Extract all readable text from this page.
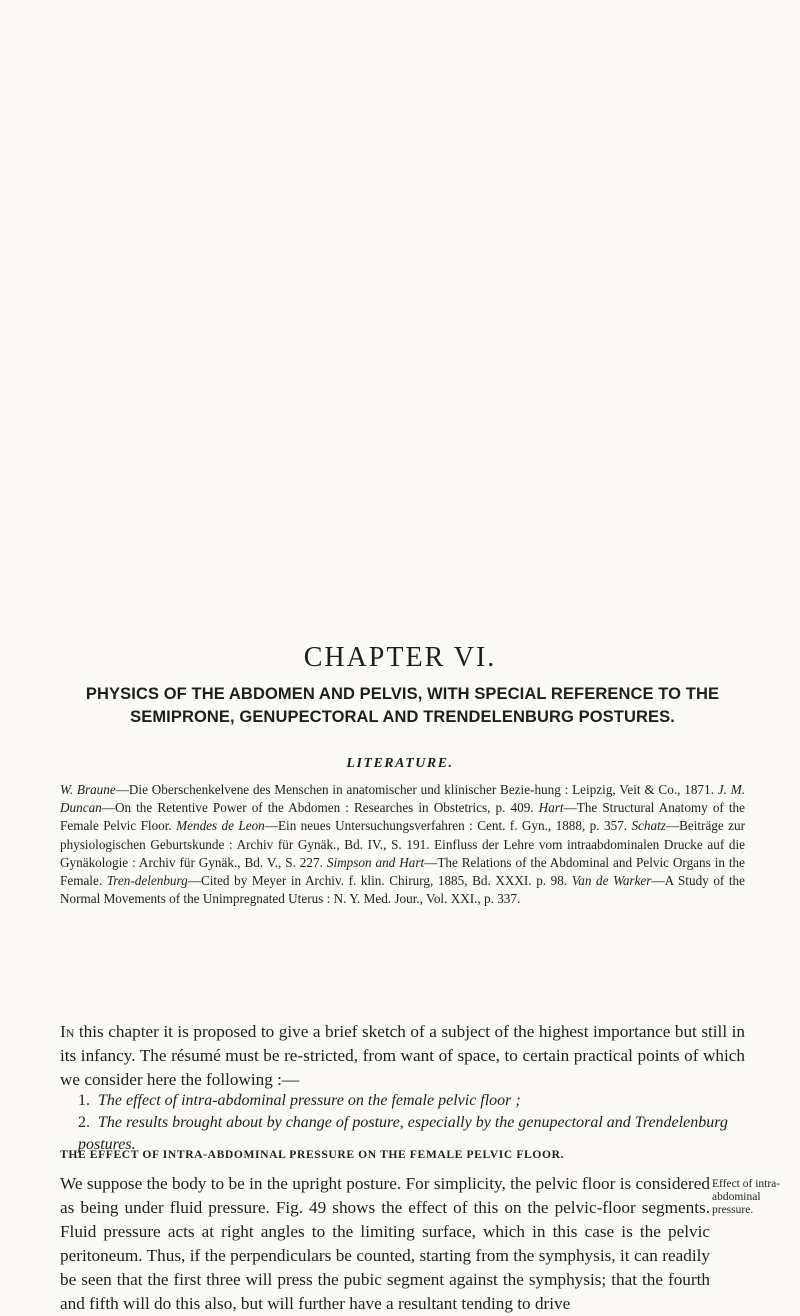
CHAPTER VI.
PHYSICS OF THE ABDOMEN AND PELVIS, WITH SPECIAL REFERENCE TO THE SEMIPRONE, GENUPECTORAL AND TRENDELENBURG POSTURES.
LITERATURE.

W. Braune—Die Oberschenkelvene des Menschen in anatomischer und klinischer Bezie-hung : Leipzig, Veit & Co., 1871. J. M. Duncan—On the Retentive Power of the Abdomen : Researches in Obstetrics, p. 409. Hart—The Structural Anatomy of the Female Pelvic Floor. Mendes de Leon—Ein neues Untersuchungsverfahren : Cent. f. Gyn., 1888, p. 357. Schatz—Beiträge zur physiologischen Geburtskunde : Archiv für Gynäk., Bd. IV., S. 191. Einfluss der Lehre vom intraabdominalen Drucke auf die Gynäkologie : Archiv für Gynäk., Bd. V., S. 227. Simpson and Hart—The Relations of the Abdominal and Pelvic Organs in the Female. Tren-delenburg—Cited by Meyer in Archiv. f. klin. Chirurg, 1885, Bd. XXXI. p. 98. Van de Warker—A Study of the Normal Movements of the Unimpregnated Uterus : N. Y. Med. Jour., Vol. XXI., p. 337.

In this chapter it is proposed to give a brief sketch of a subject of the highest importance but still in its infancy. The résumé must be re-stricted, from want of space, to certain practical points of which we consider here the following :—

1. The effect of intra-abdominal pressure on the female pelvic floor ;
2. The results brought about by change of posture, especially by the genupectoral and Trendelenburg postures.
THE EFFECT OF INTRA-ABDOMINAL PRESSURE ON THE FEMALE PELVIC FLOOR.

We suppose the body to be in the upright posture. For simplicity, the pelvic floor is considered as being under fluid pressure. Fig. 49 shows the effect of this on the pelvic-floor segments. Fluid pressure acts at right angles to the limiting surface, which in this case is the pelvic peritoneum. Thus, if the perpendiculars be counted, starting from the symphysis, it can readily be seen that the first three will press the pubic segment against the symphysis; that the fourth and fifth will do this also, but will further have a resultant tending to drive

Effect of intra-abdominal pressure.
